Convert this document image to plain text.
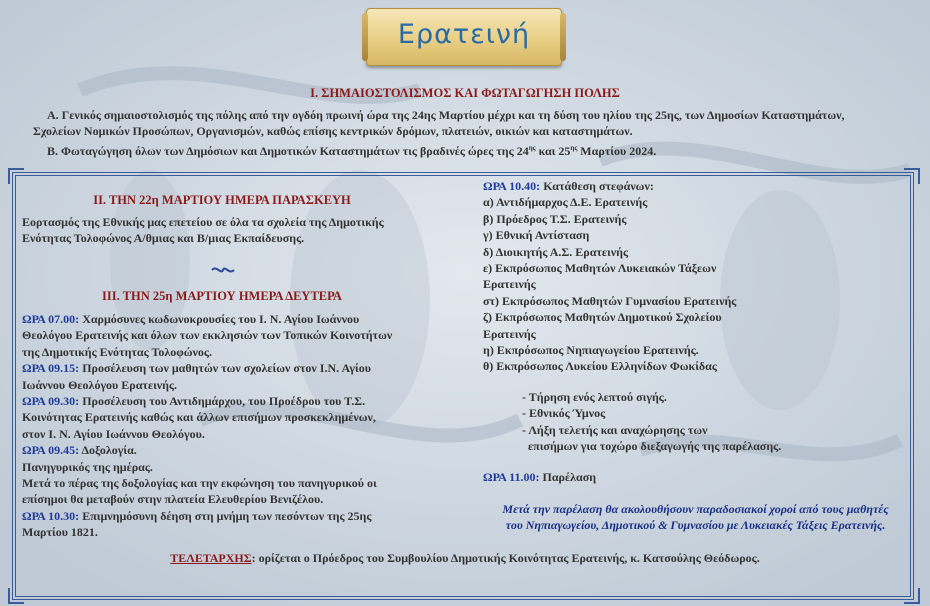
Ερατεινή
Ι. ΣΗΜΑΙΟΣΤΟΛΙΣΜΟΣ ΚΑΙ ΦΩΤΑΓΩΓΗΣΗ ΠΟΛΗΣ
Α. Γενικός σημαιοστολισμός της πόλης από την ογδόη πρωινή ώρα της 24ης Μαρτίου μέχρι και τη δύση του ηλίου της 25ης, των Δημοσίων Καταστημάτων,
Σχολείων Νομικών Προσώπων, Οργανισμών, καθώς επίσης κεντρικών δρόμων, πλατειών, οικιών και καταστημάτων.
Β. Φωταγώγηση όλων των Δημόσιων και Δημοτικών Καταστημάτων τις βραδινές ώρες της $24^{\eta\varsigma}$ και $25^{\eta\varsigma}$ Μαρτίου 2024.
ΙΙ. ΤΗΝ 22η ΜΑΡΤΙΟΥ ΗΜΕΡΑ ΠΑΡΑΣΚΕΥΗ
Εορτασμός της Εθνικής μας επετείου σε όλα τα σχολεία της Δημοτικής
Ενότητας Τολοφώνος Α/θμιας και Β/μιας Εκπαίδευσης.
ΙΙΙ. ΤΗΝ 25η ΜΑΡΤΙΟΥ ΗΜΕΡΑ ΔΕΥΤΕΡΑ
ΩΡΑ 07.00: Χαρμόσυνες κωδωνοκρουσίες του Ι. Ν. Αγίου Ιωάννου
Θεολόγου Ερατεινής και όλων των εκκλησιών των Τοπικών Κοινοτήτων
της Δημοτικής Ενότητας Τολοφώνος.
ΩΡΑ 09.15: Προσέλευση των μαθητών των σχολείων στον Ι.Ν. Αγίου
Ιωάννου Θεολόγου Ερατεινής.
ΩΡΑ 09.30: Προσέλευση του Αντιδημάρχου, του Προέδρου του Τ.Σ.
Κοινότητας Ερατεινής καθώς και άλλων επισήμων προσκεκλημένων,
στον Ι. Ν. Αγίου Ιωάννου Θεολόγου.
ΩΡΑ 09.45: Δοξολογία.
Πανηγυρικός της ημέρας.
Μετά το πέρας της δοξολογίας και την εκφώνηση του πανηγυρικού οι
επίσημοι θα μεταβούν στην πλατεία Ελευθερίου Βενιζέλου.
ΩΡΑ 10.30: Επιμνημόσυνη δέηση στη μνήμη των πεσόντων της 25ης
Μαρτίου 1821.
ΩΡΑ 10.40: Κατάθεση στεφάνων:
α) Αντιδήμαρχος Δ.Ε. Ερατεινής
β) Πρόεδρος Τ.Σ. Ερατεινής
γ) Εθνική Αντίσταση
δ) Διοικητής Α.Σ. Ερατεινής
ε) Εκπρόσωπος Μαθητών Λυκειακών Τάξεων
Ερατεινής
στ) Εκπρόσωπος Μαθητών Γυμνασίου Ερατεινής
ζ) Εκπρόσωπος Μαθητών Δημοτικού Σχολείου
Ερατεινής
η) Εκπρόσωπος Νηπιαγωγείου Ερατεινής.
θ) Εκπρόσωπος Λυκείου Ελληνίδων Φωκίδας
- Τήρηση ενός λεπτού σιγής.
- Εθνικός Ύμνος
- Λήξη τελετής και αναχώρησης των
επισήμων για τοχώρο διεξαγωγής της παρέλασης.
ΩΡΑ 11.00: Παρέλαση
Μετά την παρέλαση θα ακολουθήσουν παραδοσιακοί χοροί από τους μαθητές
του Νηπιαγωγείου, Δημοτικού & Γυμνασίου με Λυκειακές Τάξεις Ερατεινής.
ΤΕΛΕΤΑΡΧΗΣ: ορίζεται ο Πρόεδρος του Συμβουλίου Δημοτικής Κοινότητας Ερατεινής, κ. Κατσούλης Θεόδωρος.
